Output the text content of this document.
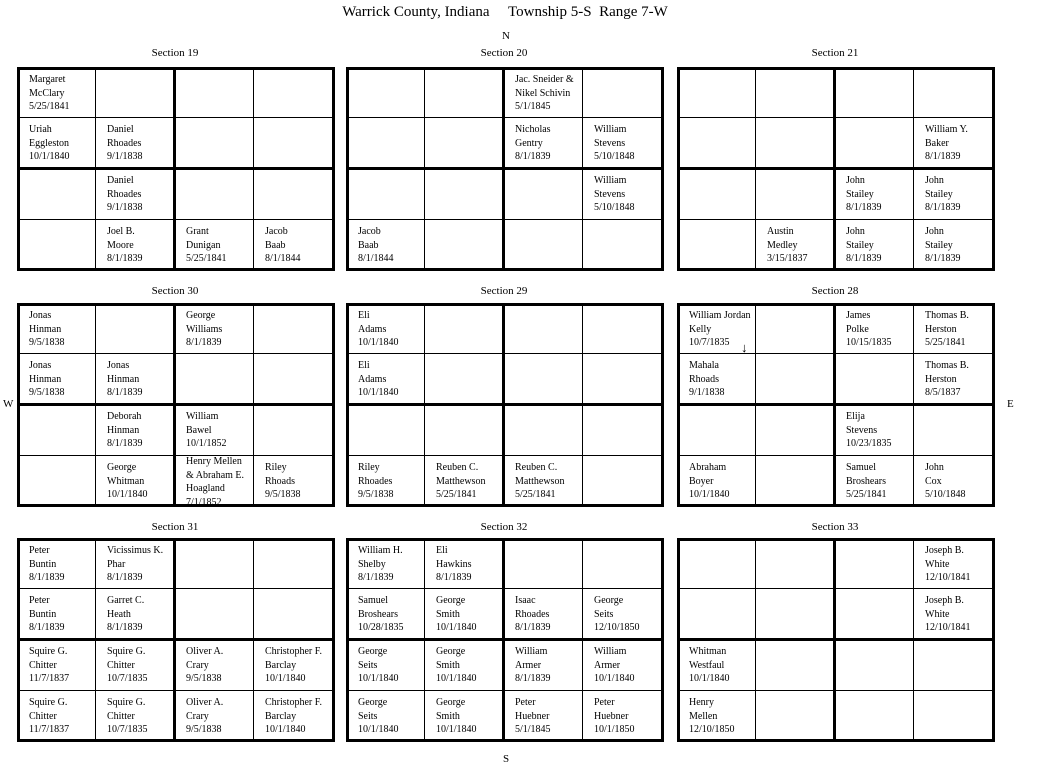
Warrick County, Indiana     Township 5-S  Range 7-W
N
S
E
W
Section 19
Margaret
McClary
5/25/1841
Uriah
Eggleston
10/1/1840
Daniel
Rhoades
9/1/1838
Daniel
Rhoades
9/1/1838
Joel B.
Moore
8/1/1839
Grant
Dunigan
5/25/1841
Jacob
Baab
8/1/1844
Section 20
Jac. Sneider &
Nikel Schivin
5/1/1845
Nicholas
Gentry
8/1/1839
William
Stevens
5/10/1848
William
Stevens
5/10/1848
Jacob
Baab
8/1/1844
Section 21
William Y.
Baker
8/1/1839
John
Stailey
8/1/1839
John
Stailey
8/1/1839
Austin
Medley
3/15/1837
John
Stailey
8/1/1839
John
Stailey
8/1/1839
Section 30
Jonas
Hinman
9/5/1838
George
Williams
8/1/1839
Jonas
Hinman
9/5/1838
Jonas
Hinman
8/1/1839
Deborah
Hinman
8/1/1839
William
Bawel
10/1/1852
George
Whitman
10/1/1840
Henry Mellen
& Abraham E.
Hoagland
7/1/1852
Riley
Rhoads
9/5/1838
Section 29
Eli
Adams
10/1/1840
Eli
Adams
10/1/1840
Riley
Rhoades
9/5/1838
Reuben C.
Matthewson
5/25/1841
Reuben C.
Matthewson
5/25/1841
Section 28
William Jordan
Kelly
10/7/1835
James
Polke
10/15/1835
Thomas B.
Herston
5/25/1841
Mahala
Rhoads
9/1/1838
Thomas B.
Herston
8/5/1837
Elija
Stevens
10/23/1835
Abraham
Boyer
10/1/1840
Samuel
Broshears
5/25/1841
John
Cox
5/10/1848
↓
Section 31
Peter
Buntin
8/1/1839
Vicissimus K.
Phar
8/1/1839
Peter
Buntin
8/1/1839
Garret C.
Heath
8/1/1839
Squire G.
Chitter
11/7/1837
Squire G.
Chitter
10/7/1835
Oliver A.
Crary
9/5/1838
Christopher F.
Barclay
10/1/1840
Squire G.
Chitter
11/7/1837
Squire G.
Chitter
10/7/1835
Oliver A.
Crary
9/5/1838
Christopher F.
Barclay
10/1/1840
Section 32
William H.
Shelby
8/1/1839
Eli
Hawkins
8/1/1839
Samuel
Broshears
10/28/1835
George
Smith
10/1/1840
Isaac
Rhoades
8/1/1839
George
Seits
12/10/1850
George
Seits
10/1/1840
George
Smith
10/1/1840
William
Armer
8/1/1839
William
Armer
10/1/1840
George
Seits
10/1/1840
George
Smith
10/1/1840
Peter
Huebner
5/1/1845
Peter
Huebner
10/1/1850
Section 33
Joseph B.
White
12/10/1841
Joseph B.
White
12/10/1841
Whitman
Westfaul
10/1/1840
Henry
Mellen
12/10/1850
